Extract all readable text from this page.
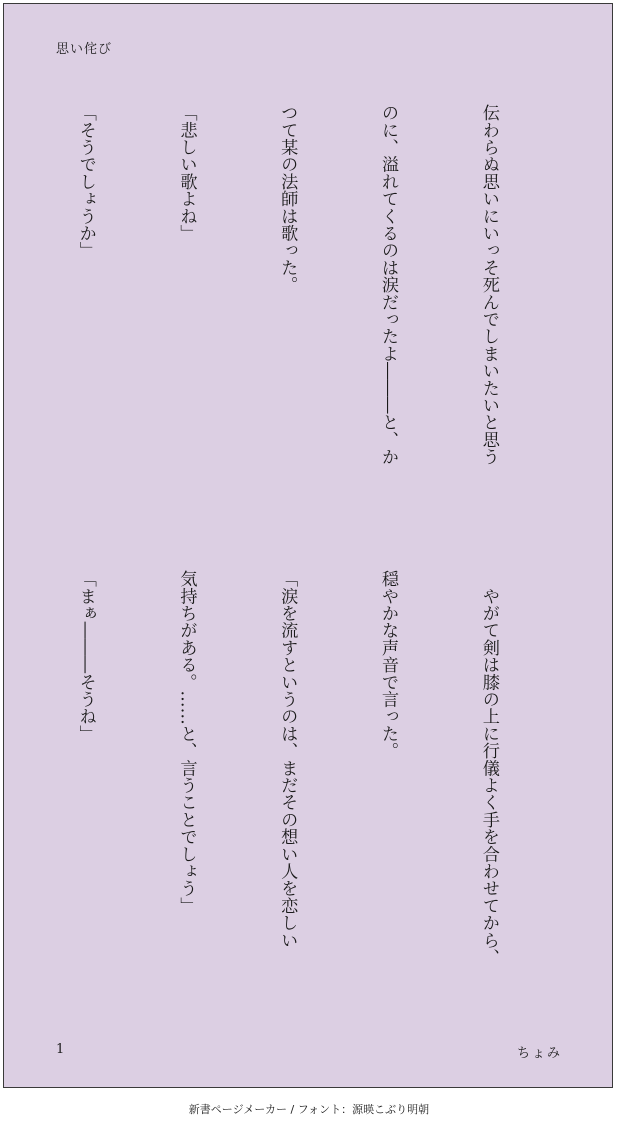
思い侘び

伝わらぬ思いにいっそ死んでしまいたいと思う

のに、溢れてくるのは涙だったよ―――と、か

つて某の法師は歌った。

「悲しい歌よね」

「そうでしょうか」

　やがて剣は膝の上に行儀よく手を合わせてから、

穏やかな声音で言った。

「涙を流すというのは、まだその想い人を恋しい

気持ちがある。……と、言うことでしょう」

「まぁ―――そうね」

1	ちょみ
新書ページメーカー / フォント：源暎こぶり明朝
